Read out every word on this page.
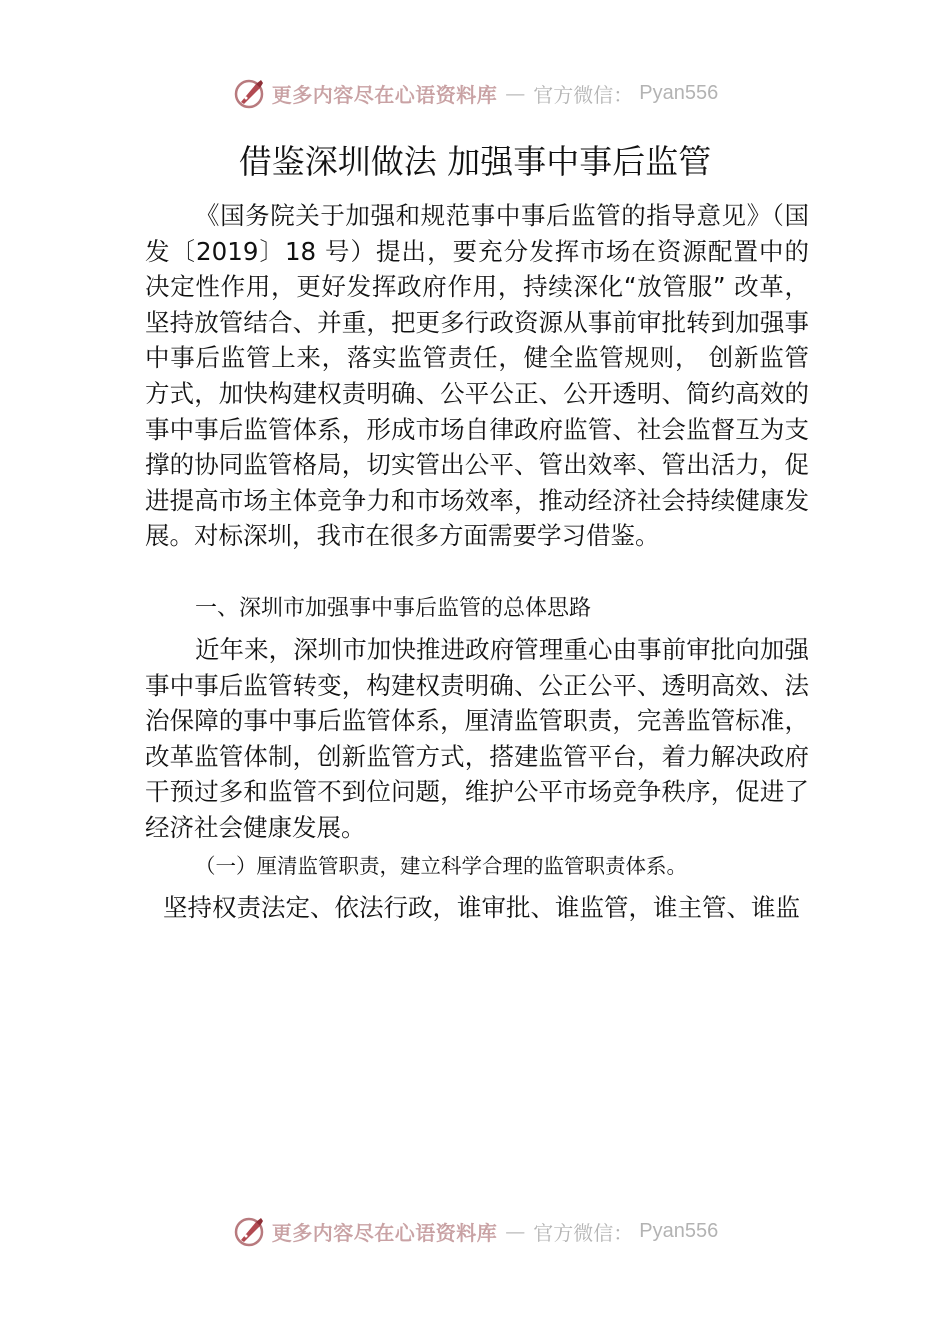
更多内容尽在心语资料库 — 官方微信： Pyan556
借鉴深圳做法 加强事中事后监管

《国务院关于加强和规范事中事后监管的指导意见》（国发〔2019〕18 号）提出，要充分发挥市场在资源配置中的决定性作用，更好发挥政府作用，持续深化“放管服” 改革，坚持放管结合、并重，把更多行政资源从事前审批转到加强事中事后监管上来，落实监管责任，健全监管规则， 创新监管方式，加快构建权责明确、公平公正、公开透明、简约高效的事中事后监管体系，形成市场自律政府监管、社会监督互为支撑的协同监管格局，切实管出公平、管出效率、管出活力，促进提高市场主体竞争力和市场效率，推动经济社会持续健康发展。对标深圳，我市在很多方面需要学习借鉴。

一、深圳市加强事中事后监管的总体思路

近年来，深圳市加快推进政府管理重心由事前审批向加强事中事后监管转变，构建权责明确、公正公平、透明高效、法治保障的事中事后监管体系，厘清监管职责，完善监管标准，改革监管体制，创新监管方式，搭建监管平台，着力解决政府干预过多和监管不到位问题，维护公平市场竞争秩序，促进了经济社会健康发展。

（一）厘清监管职责，建立科学合理的监管职责体系。

坚持权责法定、依法行政，谁审批、谁监管，谁主管、谁监

更多内容尽在心语资料库 — 官方微信： Pyan556
